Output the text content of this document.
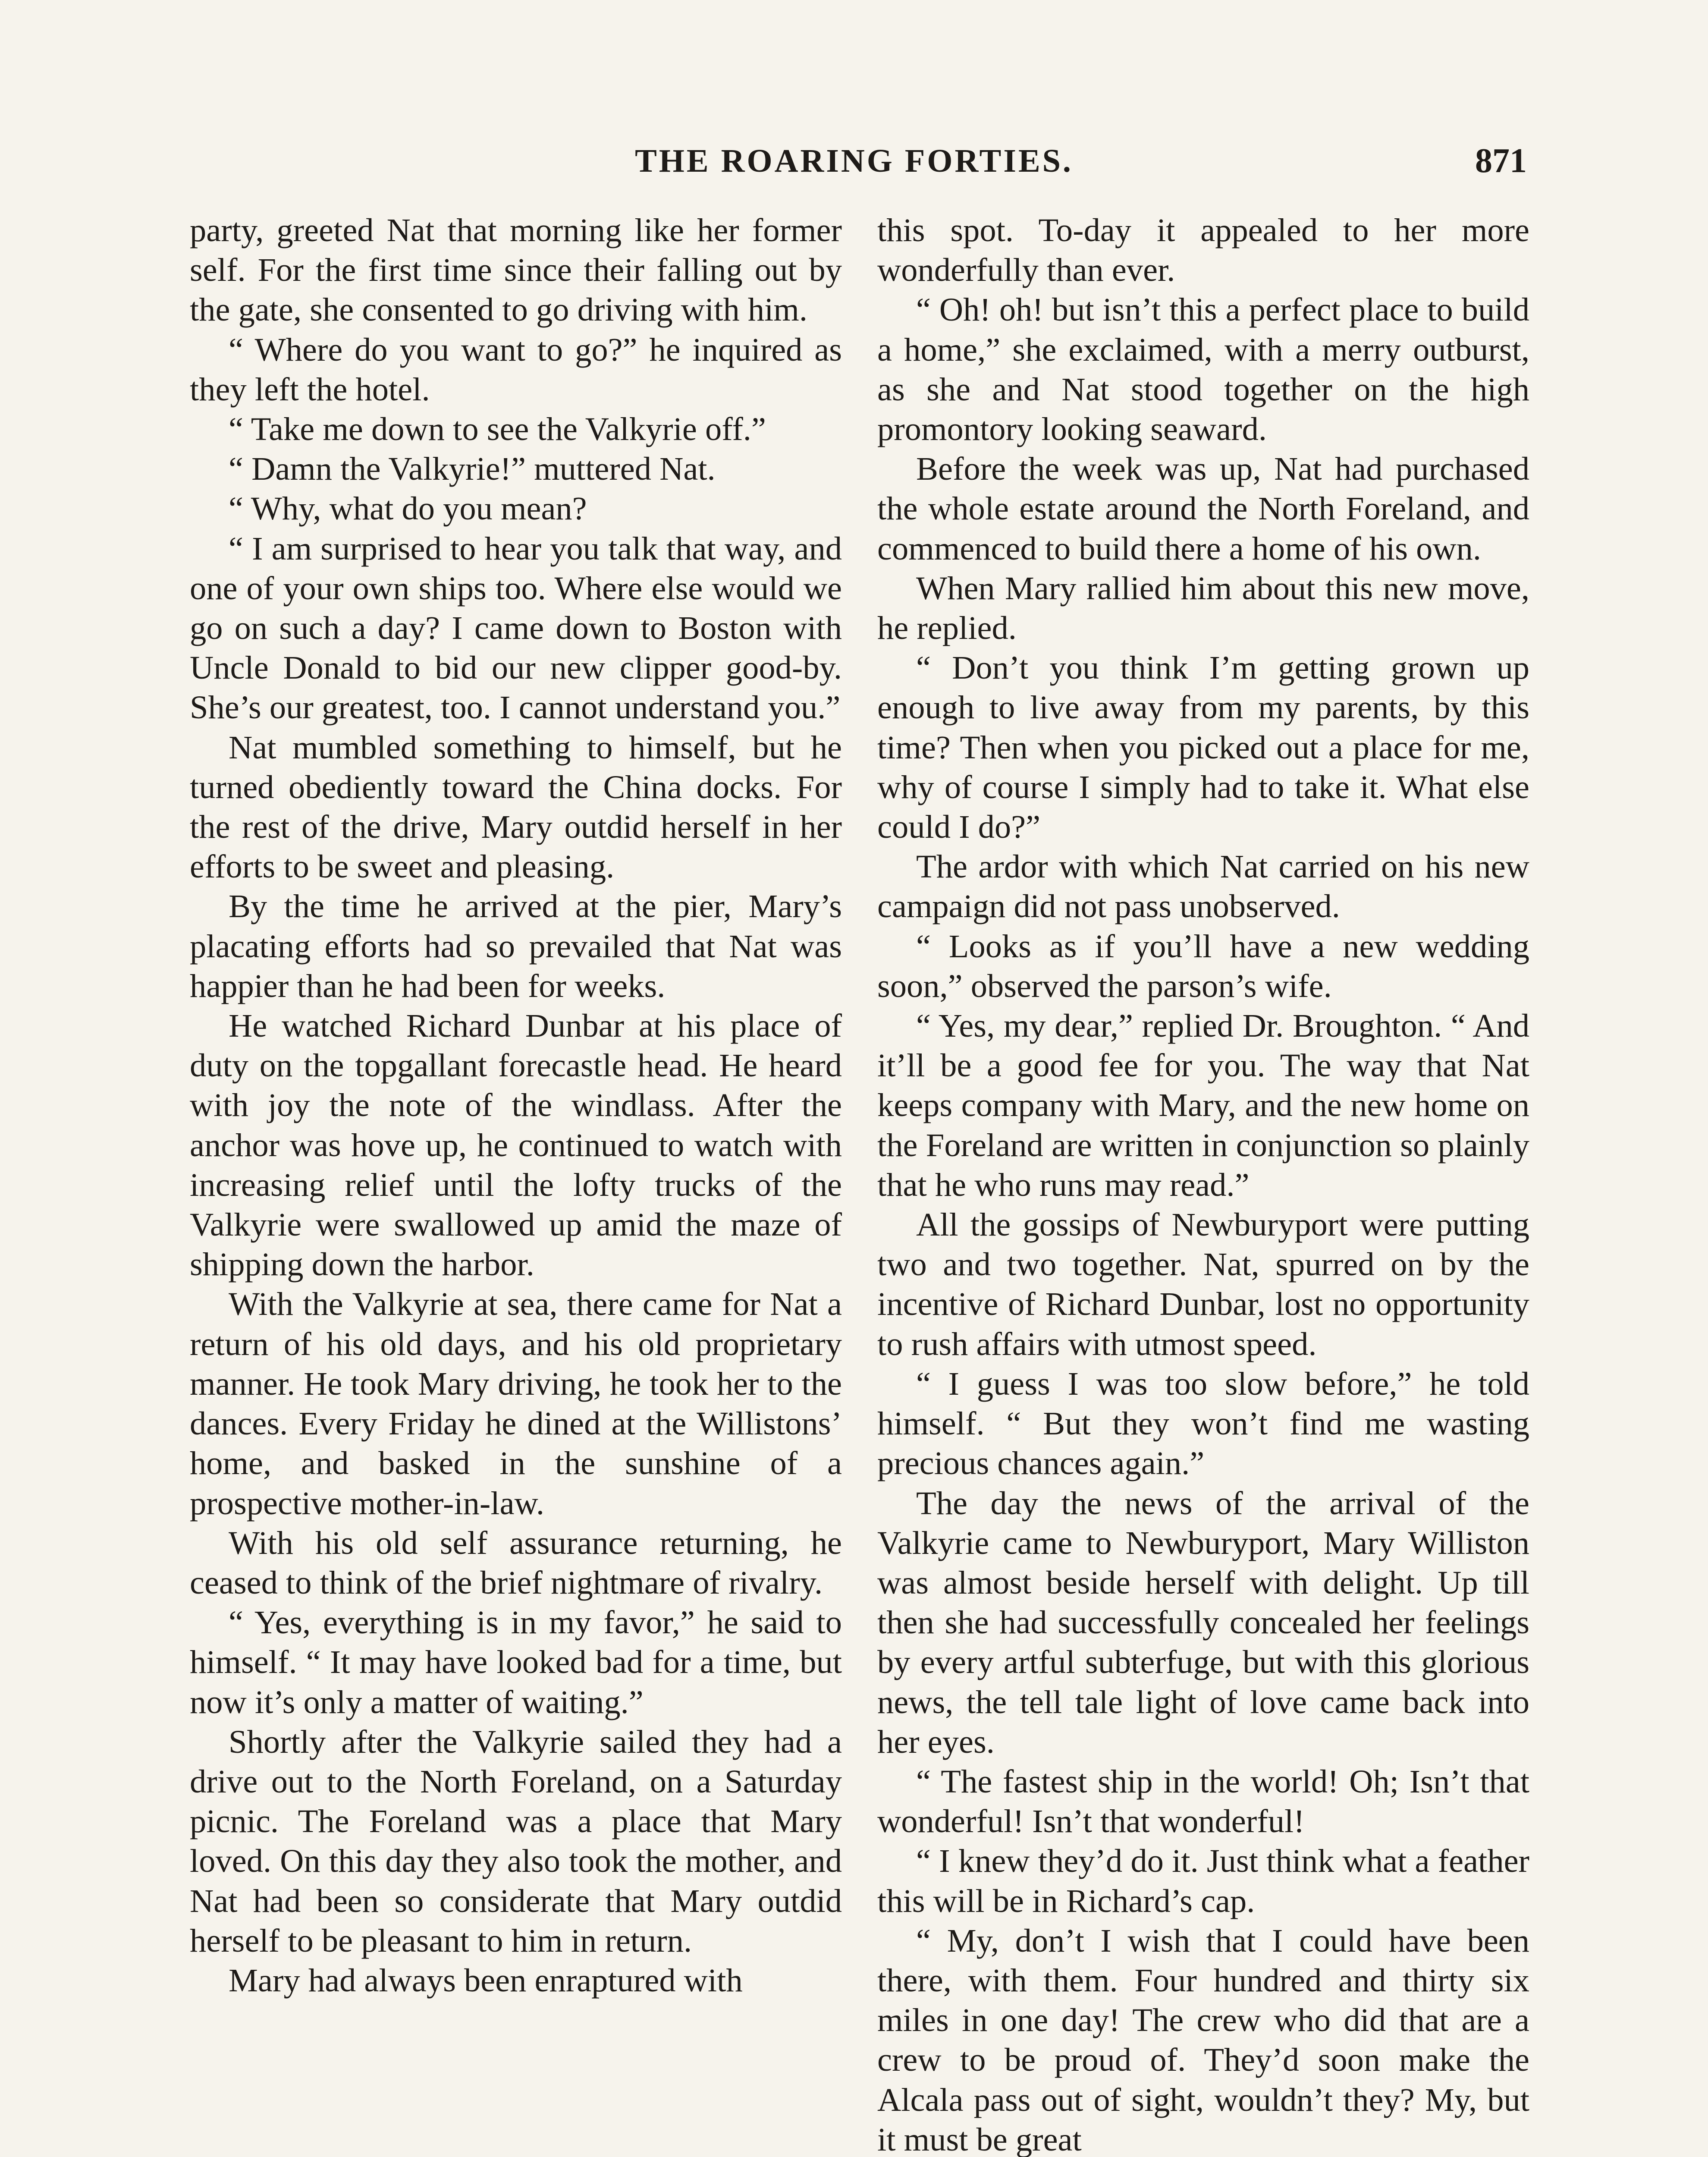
THE ROARING FORTIES.	871

party, greeted Nat that morning like her former self. For the first time since their falling out by the gate, she consented to go driving with him.

“ Where do you want to go?” he inquired as they left the hotel.

“ Take me down to see the Valkyrie off.”

“ Damn the Valkyrie!” muttered Nat.

“ Why, what do you mean?

“ I am surprised to hear you talk that way, and one of your own ships too. Where else would we go on such a day? I came down to Boston with Uncle Donald to bid our new clipper good-by. She’s our greatest, too. I cannot understand you.”

Nat mumbled something to himself, but he turned obediently toward the China docks. For the rest of the drive, Mary outdid herself in her efforts to be sweet and pleasing.

By the time he arrived at the pier, Mary’s placating efforts had so prevailed that Nat was happier than he had been for weeks.

He watched Richard Dunbar at his place of duty on the topgallant forecastle head. He heard with joy the note of the windlass. After the anchor was hove up, he continued to watch with increasing relief until the lofty trucks of the Valkyrie were swallowed up amid the maze of shipping down the harbor.

With the Valkyrie at sea, there came for Nat a return of his old days, and his old proprietary manner. He took Mary driving, he took her to the dances. Every Friday he dined at the Willistons’ home, and basked in the sunshine of a prospective mother-in-law.

With his old self assurance returning, he ceased to think of the brief nightmare of rivalry.

“ Yes, everything is in my favor,” he said to himself. “ It may have looked bad for a time, but now it’s only a matter of waiting.”

Shortly after the Valkyrie sailed they had a drive out to the North Foreland, on a Saturday picnic. The Foreland was a place that Mary loved. On this day they also took the mother, and Nat had been so considerate that Mary outdid herself to be pleasant to him in return.

Mary had always been enraptured with

this spot. To-day it appealed to her more wonderfully than ever.

“ Oh! oh! but isn’t this a perfect place to build a home,” she exclaimed, with a merry outburst, as she and Nat stood together on the high promontory looking seaward.

Before the week was up, Nat had purchased the whole estate around the North Foreland, and commenced to build there a home of his own.

When Mary rallied him about this new move, he replied.

“ Don’t you think I’m getting grown up enough to live away from my parents, by this time? Then when you picked out a place for me, why of course I simply had to take it. What else could I do?”

The ardor with which Nat carried on his new campaign did not pass unobserved.

“ Looks as if you’ll have a new wedding soon,” observed the parson’s wife.

“ Yes, my dear,” replied Dr. Broughton. “ And it’ll be a good fee for you. The way that Nat keeps company with Mary, and the new home on the Foreland are written in conjunction so plainly that he who runs may read.”

All the gossips of Newburyport were putting two and two together. Nat, spurred on by the incentive of Richard Dunbar, lost no opportunity to rush affairs with utmost speed.

“ I guess I was too slow before,” he told himself. “ But they won’t find me wasting precious chances again.”

The day the news of the arrival of the Valkyrie came to Newburyport, Mary Williston was almost beside herself with delight. Up till then she had successfully concealed her feelings by every artful subterfuge, but with this glorious news, the tell tale light of love came back into her eyes.

“ The fastest ship in the world! Oh; Isn’t that wonderful! Isn’t that wonderful!

“ I knew they’d do it. Just think what a feather this will be in Richard’s cap.

“ My, don’t I wish that I could have been there, with them. Four hundred and thirty six miles in one day! The crew who did that are a crew to be proud of. They’d soon make the Alcala pass out of sight, wouldn’t they? My, but it must be great
